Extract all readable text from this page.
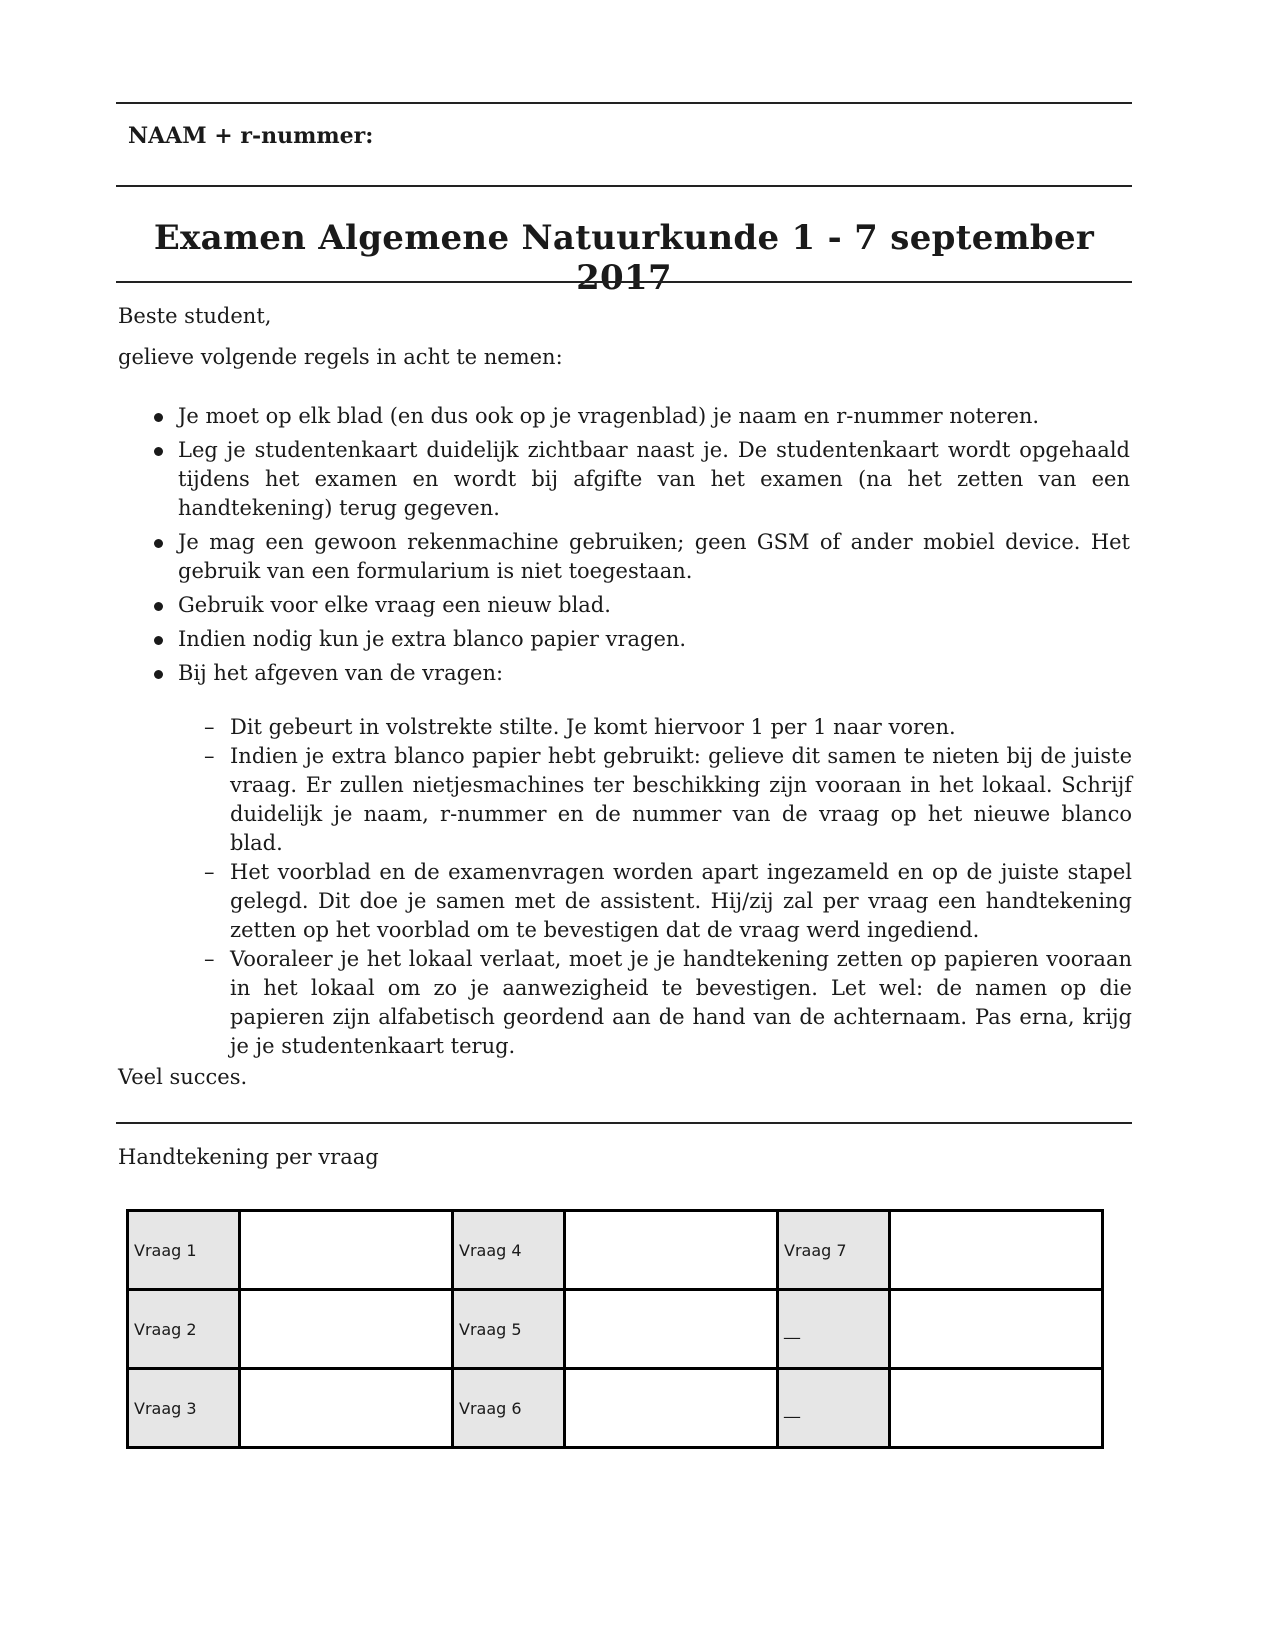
NAAM + r-nummer:
Examen Algemene Natuurkunde 1 - 7 september 2017
Beste student,
gelieve volgende regels in acht te nemen:
Je moet op elk blad (en dus ook op je vragenblad) je naam en r-nummer noteren.
Leg je studentenkaart duidelijk zichtbaar naast je. De studentenkaart wordt opgehaald tijdens het examen en wordt bij afgifte van het examen (na het zetten van een handtekening) terug gegeven.
Je mag een gewoon rekenmachine gebruiken; geen GSM of ander mobiel device. Het gebruik van een formularium is niet toegestaan.
Gebruik voor elke vraag een nieuw blad.
Indien nodig kun je extra blanco papier vragen.
Bij het afgeven van de vragen:
– Dit gebeurt in volstrekte stilte. Je komt hiervoor 1 per 1 naar voren.
– Indien je extra blanco papier hebt gebruikt: gelieve dit samen te nieten bij de juiste vraag. Er zullen nietjesmachines ter beschikking zijn vooraan in het lokaal. Schrijf duidelijk je naam, r-nummer en de nummer van de vraag op het nieuwe blanco blad.
– Het voorblad en de examenvragen worden apart ingezameld en op de juiste stapel gelegd. Dit doe je samen met de assistent. Hij/zij zal per vraag een handtekening zetten op het voorblad om te bevestigen dat de vraag werd ingediend.
– Vooraleer je het lokaal verlaat, moet je je handtekening zetten op papieren vooraan in het lokaal om zo je aanwezigheid te bevestigen. Let wel: de namen op die papieren zijn alfabetisch geordend aan de hand van de achternaam. Pas erna, krijg je je studentenkaart terug.
Veel succes.
Handtekening per vraag
Vraag 1		Vraag 4		Vraag 7	
Vraag 2		Vraag 5		__	
Vraag 3		Vraag 6		__	
